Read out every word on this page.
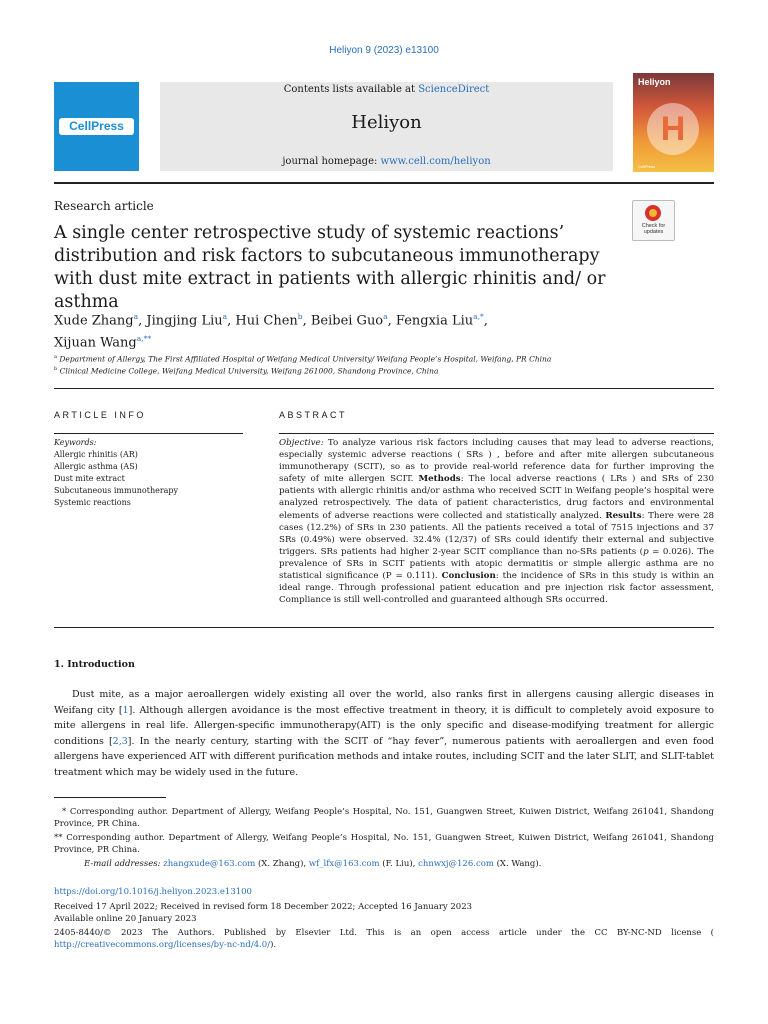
Heliyon 9 (2023) e13100
CellPress
Contents lists available at ScienceDirect
Heliyon
journal homepage: www.cell.com/heliyon
Heliyon
H
CellPress
Research article
Check for
updates
A single center retrospective study of systemic reactions’ distribution and risk factors to subcutaneous immunotherapy with dust mite extract in patients with allergic rhinitis and/ or asthma
Xude Zhang$^a$, Jingjing Liu$^a$, Hui Chen$^b$, Beibei Guo$^a$, Fengxia Liu$^{a,*}$,
Xijuan Wang$^{a,**}$
$^a$ Department of Allergy, The First Affiliated Hospital of Weifang Medical University/ Weifang People’s Hospital, Weifang, PR China
$^b$ Clinical Medicine College, Weifang Medical University, Weifang 261000, Shandong Province, China
ARTICLE INFO	ABSTRACT
Keywords:
Allergic rhinitis (AR)
Allergic asthma (AS)
Dust mite extract
Subcutaneous immunotherapy
Systemic reactions
Objective: To analyze various risk factors including causes that may lead to adverse reactions, especially systemic adverse reactions ( SRs ) , before and after mite allergen subcutaneous immunotherapy (SCIT), so as to provide real-world reference data for further improving the safety of mite allergen SCIT. Methods: The local adverse reactions ( LRs ) and SRs of 230 patients with allergic rhinitis and/or asthma who received SCIT in Weifang people’s hospital were analyzed retrospectively. The data of patient characteristics, drug factors and environmental elements of adverse reactions were collected and statistically analyzed. Results: There were 28 cases (12.2%) of SRs in 230 patients. All the patients received a total of 7515 injections and 37 SRs (0.49%) were observed. 32.4% (12/37) of SRs could identify their external and subjective triggers. SRs patients had higher 2-year SCIT compliance than no-SRs patients (p = 0.026). The prevalence of SRs in SCIT patients with atopic dermatitis or simple allergic asthma are no statistical significance (P = 0.111). Conclusion: the incidence of SRs in this study is within an ideal range. Through professional patient education and pre injection risk factor assessment, Compliance is still well-controlled and guaranteed although SRs occurred.
1. Introduction
Dust mite, as a major aeroallergen widely existing all over the world, also ranks first in allergens causing allergic diseases in Weifang city [1]. Although allergen avoidance is the most effective treatment in theory, it is difficult to completely avoid exposure to mite allergens in real life. Allergen-specific immunotherapy(AIT) is the only specific and disease-modifying treatment for allergic conditions [2,3]. In the nearly century, starting with the SCIT of “hay fever”, numerous patients with aeroallergen and even food allergens have experienced AIT with different purification methods and intake routes, including SCIT and the later SLIT, and SLIT-tablet treatment which may be widely used in the future.
* Corresponding author. Department of Allergy, Weifang People’s Hospital, No. 151, Guangwen Street, Kuiwen District, Weifang 261041, Shandong Province, PR China.
** Corresponding author. Department of Allergy, Weifang People’s Hospital, No. 151, Guangwen Street, Kuiwen District, Weifang 261041, Shandong Province, PR China.
E-mail addresses: zhangxude@163.com (X. Zhang), wf_lfx@163.com (F. Liu), chnwxj@126.com (X. Wang).
https://doi.org/10.1016/j.heliyon.2023.e13100
Received 17 April 2022; Received in revised form 18 December 2022; Accepted 16 January 2023
Available online 20 January 2023
2405-8440/© 2023 The Authors. Published by Elsevier Ltd. This is an open access article under the CC BY-NC-ND license (
http://creativecommons.org/licenses/by-nc-nd/4.0/).
